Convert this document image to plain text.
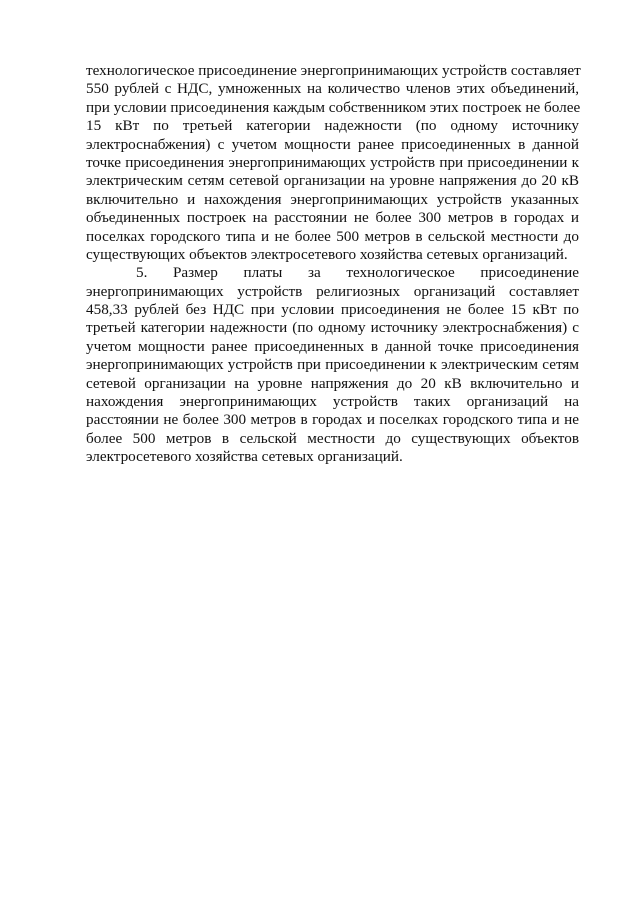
технологическое присоединение энергопринимающих устройств составляет
550 рублей с НДС, умноженных на количество членов этих объединений,
при условии присоединения каждым собственником этих построек не более
15 кВт по третьей категории надежности (по одному источнику
электроснабжения) с учетом мощности ранее присоединенных в данной
точке присоединения энергопринимающих устройств при присоединении к
электрическим сетям сетевой организации на уровне напряжения до 20 кВ
включительно и нахождения энергопринимающих устройств указанных
объединенных построек на расстоянии не более 300 метров в городах и
поселках городского типа и не более 500 метров в сельской местности до
существующих объектов электросетевого хозяйства сетевых организаций.
5. Размер платы за технологическое присоединение
энергопринимающих устройств религиозных организаций составляет
458,33 рублей без НДС при условии присоединения не более 15 кВт по
третьей категории надежности (по одному источнику электроснабжения) с
учетом мощности ранее присоединенных в данной точке присоединения
энергопринимающих устройств при присоединении к электрическим сетям
сетевой организации на уровне напряжения до 20 кВ включительно и
нахождения энергопринимающих устройств таких организаций на
расстоянии не более 300 метров в городах и поселках городского типа и не
более 500 метров в сельской местности до существующих объектов
электросетевого хозяйства сетевых организаций.
